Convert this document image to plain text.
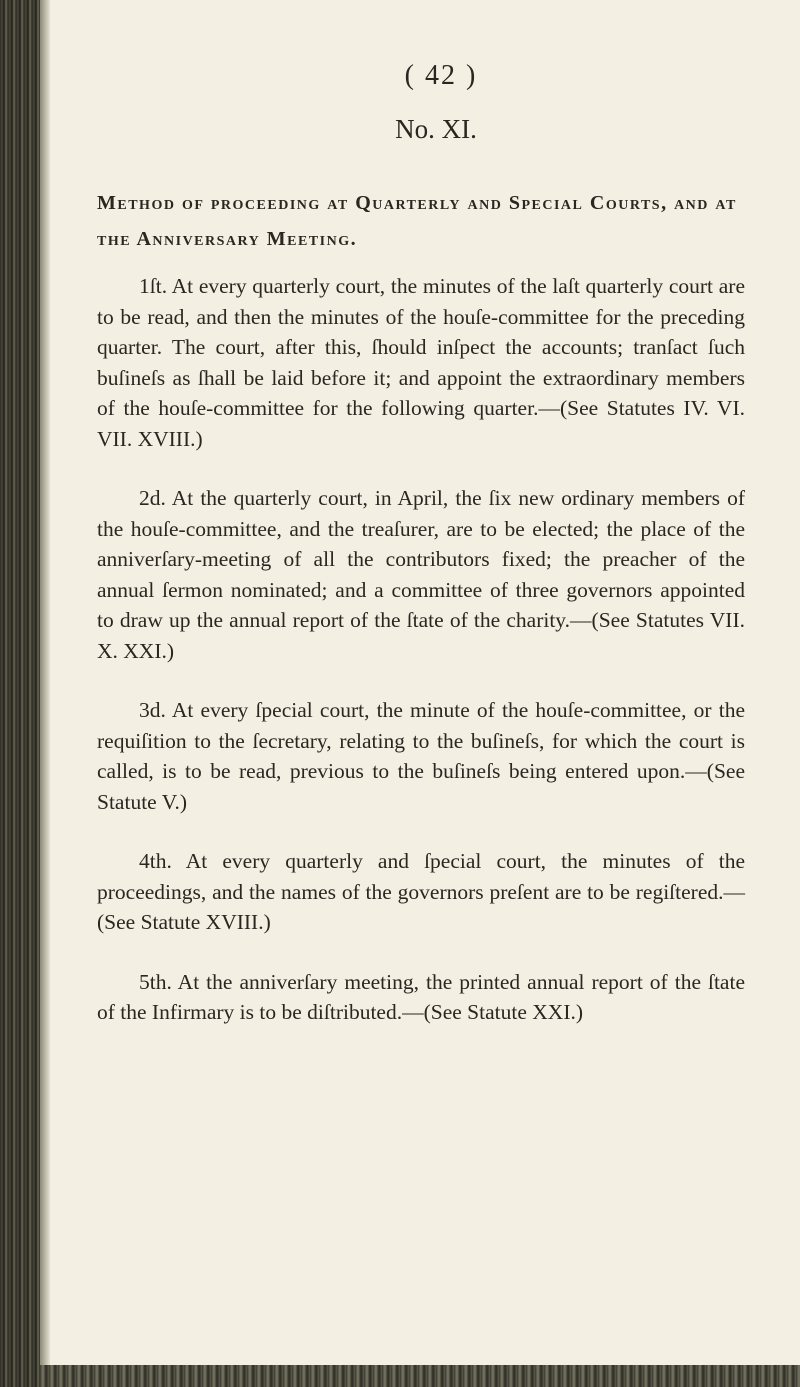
( 42 )
No. XI.
Method of proceeding at Quarterly and Special Courts, and at the Anniversary Meeting.

1ſt. At every quarterly court, the minutes of the laſt quarterly court are to be read, and then the minutes of the houſe-committee for the preceding quarter. The court, after this, ſhould inſpect the accounts; tranſact ſuch buſineſs as ſhall be laid before it; and appoint the extraordinary members of the houſe-committee for the following quarter.—(See Statutes IV. VI. VII. XVIII.)

2d. At the quarterly court, in April, the ſix new ordinary members of the houſe-committee, and the treaſurer, are to be elected; the place of the anniverſary-meeting of all the contributors fixed; the preacher of the annual ſermon nominated; and a committee of three governors appointed to draw up the annual report of the ſtate of the charity.—(See Statutes VII. X. XXI.)

3d. At every ſpecial court, the minute of the houſe-committee, or the requiſition to the ſecretary, relating to the buſineſs, for which the court is called, is to be read, previous to the buſineſs being entered upon.—(See Statute V.)

4th. At every quarterly and ſpecial court, the minutes of the proceedings, and the names of the governors preſent are to be regiſtered.—(See Statute XVIII.)

5th. At the anniverſary meeting, the printed annual report of the ſtate of the Infirmary is to be diſtributed.—(See Statute XXI.)
